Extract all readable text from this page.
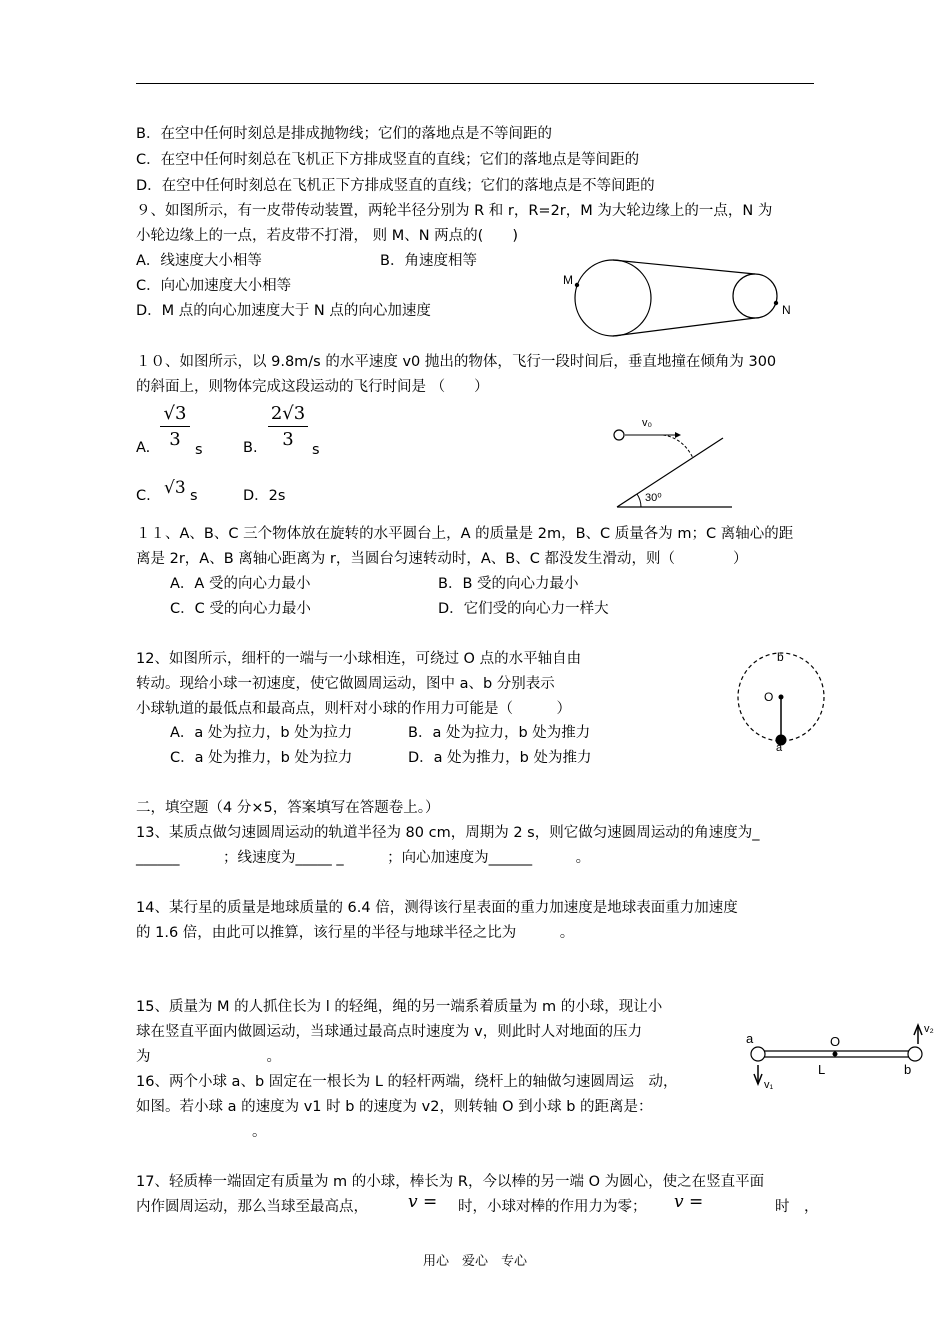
B．在空中任何时刻总是排成抛物线；它们的落地点是不等间距的
C．在空中任何时刻总在飞机正下方排成竖直的直线；它们的落地点是等间距的
D．在空中任何时刻总在飞机正下方排成竖直的直线；它们的落地点是不等间距的
９、如图所示，有一皮带传动装置，两轮半径分别为 R 和 r，R=2r，M 为大轮边缘上的一点，N 为
小轮边缘上的一点，若皮带不打滑， 则 M、N 两点的(　　)
A．线速度大小相等	B．角速度相等
C．向心加速度大小相等
D．M 点的向心加速度大于 N 点的向心加速度
M
N
１０、如图所示，以 9.8m/s 的水平速度 v0 抛出的物体，飞行一段时间后，垂直地撞在倾角为 300
的斜面上，则物体完成这段运动的飞行时间是 （　　）
A. $\frac{√3}{3}$ s	B. $\frac{2√3}{3}$ s
C. √3 s	D．2s
v₀
30⁰
１１、A、B、C 三个物体放在旋转的水平圆台上，A 的质量是 2m，B、C 质量各为 m；C 离轴心的距
离是 2r，A、B 离轴心距离为 r，当圆台匀速转动时，A、B、C 都没发生滑动，则（　　　　）
A．A 受的向心力最小	B．B 受的向心力最小
C．C 受的向心力最小	D．它们受的向心力一样大
12、如图所示，细杆的一端与一小球相连，可绕过 O 点的水平轴自由
转动。现给小球一初速度，使它做圆周运动，图中 a、b 分别表示
小球轨道的最低点和最高点，则杆对小球的作用力可能是（　　　）
A．a 处为拉力，b 处为拉力	B．a 处为拉力，b 处为推力
C．a 处为推力，b 处为拉力	D．a 处为推力，b 处为推力
b
O
a
二，填空题（4 分×5，答案填写在答题卷上。）
13、某质点做匀速圆周运动的轨道半径为 80 cm，周期为 2 s，则它做匀速圆周运动的角速度为_
______　　　；线速度为_____ _　　　；向心加速度为______　　　。
14、某行星的质量是地球质量的 6.4 倍，测得该行星表面的重力加速度是地球表面重力加速度
的 1.6 倍，由此可以推算，该行星的半径与地球半径之比为　　　。
15、质量为 M 的人抓住长为 l 的轻绳，绳的另一端系着质量为 m 的小球，现让小
球在竖直平面内做圆运动，当球通过最高点时速度为 v，则此时人对地面的压力
为　　　　　　　　。
16、两个小球 a、b 固定在一根长为 L 的轻杆两端，绕杆上的轴做匀速圆周运　动，
如图。若小球 a 的速度为 v1 时 b 的速度为 v2，则转轴 O 到小球 b 的距离是：
　　　　　　　　。
a	O
L	b
v₁
v₂
17、轻质棒一端固定有质量为 m 的小球，棒长为 R，今以棒的另一端 O 为圆心，使之在竖直平面
内作圆周运动，那么当球至最高点， v = 时，小球对棒的作用力为零； v =	时　，
用心　爱心　专心
